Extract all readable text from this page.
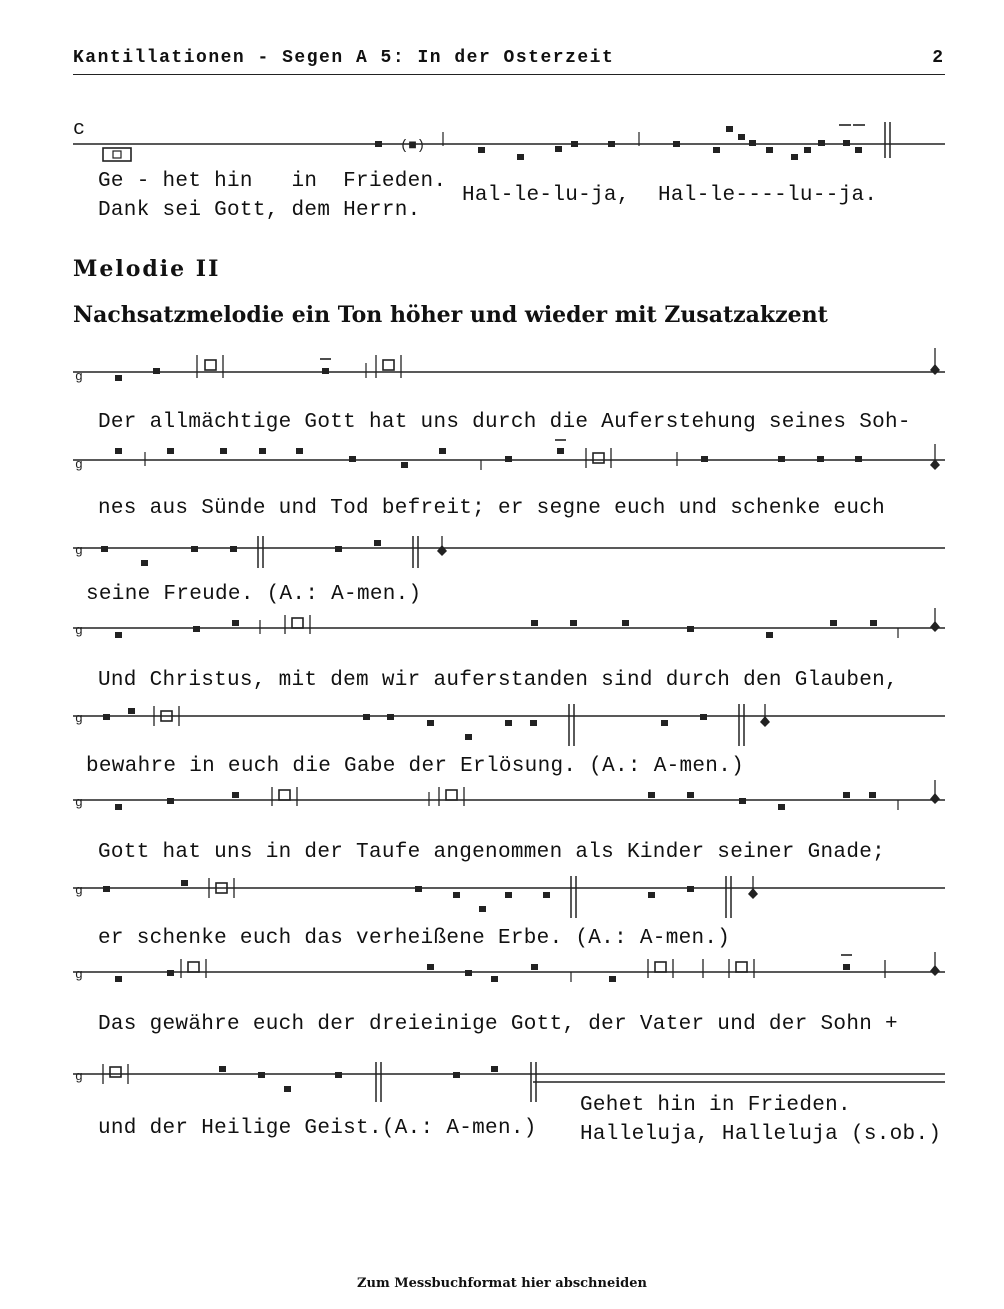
Kantillationen - Segen A 5: In der Osterzeit	2
(■)
c
Ge - het hin   in  Frieden.
Dank sei Gott, dem Herrn.
Hal-le-lu-ja, Hal-le----lu--ja.
Melodie II
Nachsatzmelodie ein Ton höher und wieder mit Zusatzakzent
g
Der allmächtige Gott hat uns durch die Auferstehung seines Soh-
g
nes aus Sünde und Tod befreit; er segne euch und schenke euch
g
seine Freude. (A.: A-men.)
g
Und Christus, mit dem wir auferstanden sind durch den Glauben,
g
bewahre in euch die Gabe der Erlösung. (A.: A-men.)
g
Gott hat uns in der Taufe angenommen als Kinder seiner Gnade;
g
er schenke euch das verheißene Erbe. (A.: A-men.)
g
Das gewähre euch der dreieinige Gott, der Vater und der Sohn +
g
und der Heilige Geist.(A.: A-men.)
Gehet hin in Frieden.
Halleluja, Halleluja (s.ob.)
Zum Messbuchformat hier abschneiden
